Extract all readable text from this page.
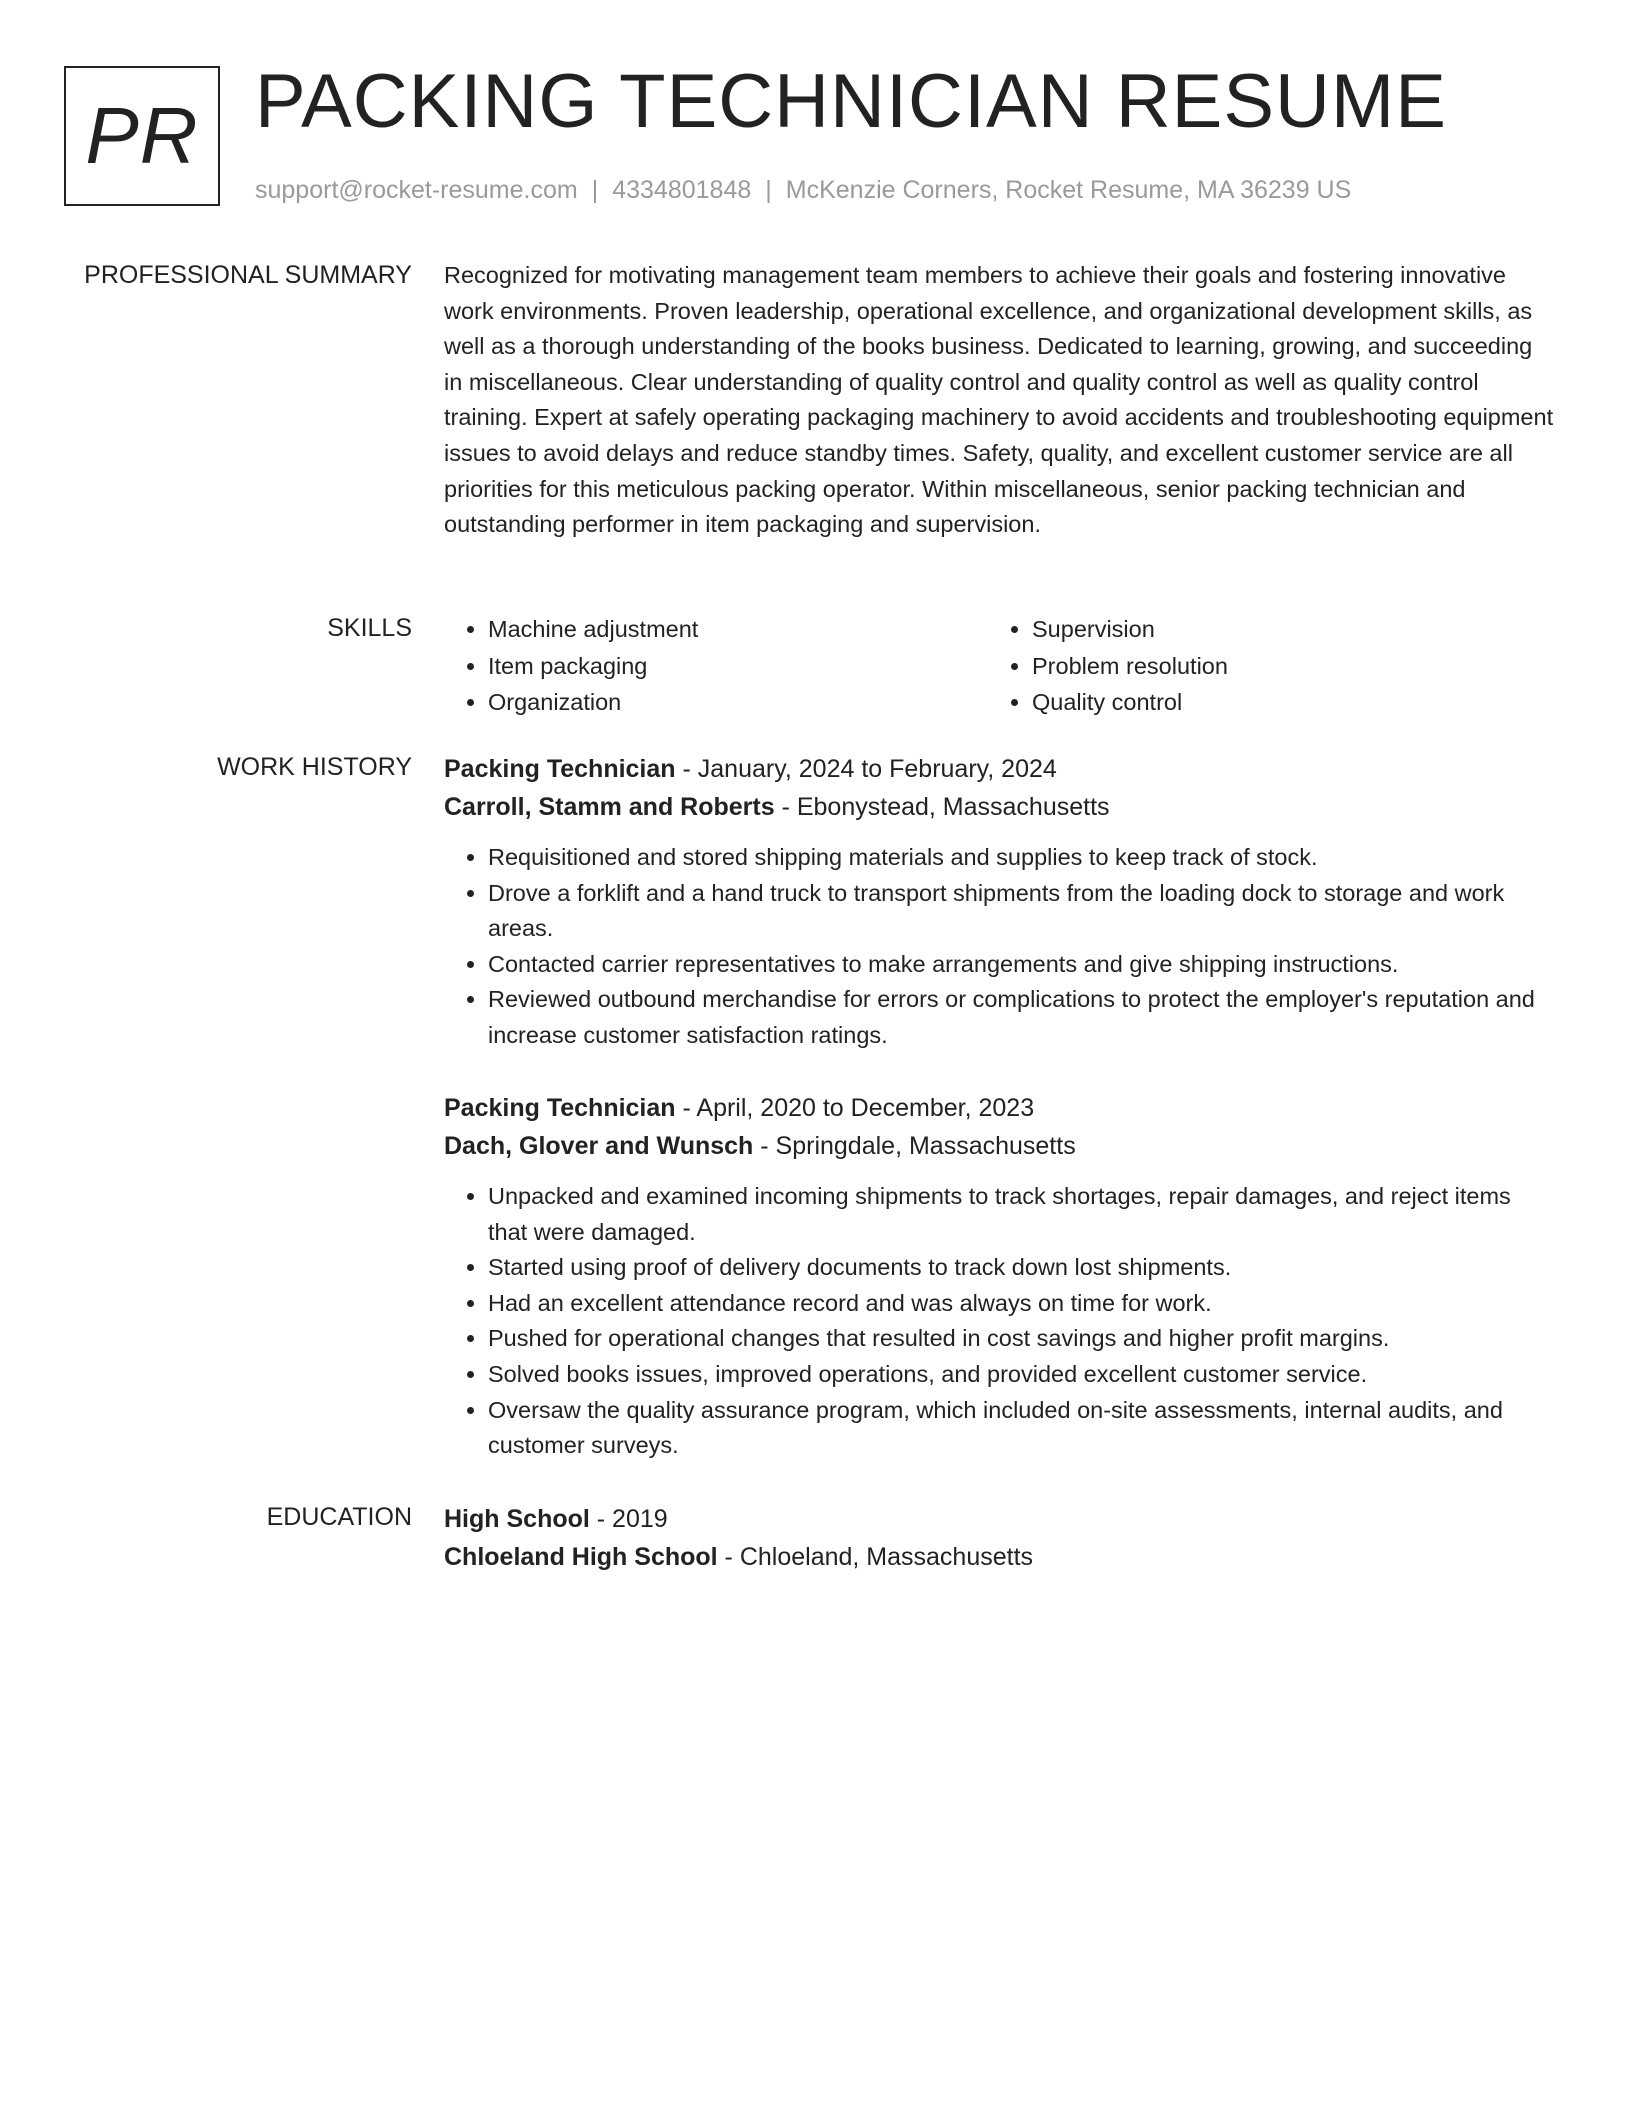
PR PACKING TECHNICIAN RESUME
support@rocket-resume.com | 4334801848 | McKenzie Corners, Rocket Resume, MA 36239 US
PROFESSIONAL SUMMARY Recognized for motivating management team members to achieve their goals and fostering innovative work environments. Proven leadership, operational excellence, and organizational development skills, as well as a thorough understanding of the books business. Dedicated to learning, growing, and succeeding in miscellaneous. Clear understanding of quality control and quality control as well as quality control training. Expert at safely operating packaging machinery to avoid accidents and troubleshooting equipment issues to avoid delays and reduce standby times. Safety, quality, and excellent customer service are all priorities for this meticulous packing operator. Within miscellaneous, senior packing technician and outstanding performer in item packaging and supervision.

SKILLS
•	Machine adjustment
• Item packaging
• Organization
• Supervision
• Problem resolution
• Quality control
WORK HISTORY Packing Technician - January, 2024 to February, 2024
Carroll, Stamm and Roberts - Ebonystead, Massachusetts
• Requisitioned and stored shipping materials and supplies to keep track of stock.
• Drove a forklift and a hand truck to transport shipments from the loading dock to storage and work areas.
• Contacted carrier representatives to make arrangements and give shipping instructions.
• Reviewed outbound merchandise for errors or complications to protect the employer's reputation and increase customer satisfaction ratings.
Packing Technician - April, 2020 to December, 2023
Dach, Glover and Wunsch - Springdale, Massachusetts
• Unpacked and examined incoming shipments to track shortages, repair damages, and reject items that were damaged.
• Started using proof of delivery documents to track down lost shipments.
• Had an excellent attendance record and was always on time for work.
• Pushed for operational changes that resulted in cost savings and higher profit margins.
• Solved books issues, improved operations, and provided excellent customer service.
• Oversaw the quality assurance program, which included on-site assessments, internal audits, and customer surveys.
EDUCATION High School - 2019
Chloeland High School - Chloeland, Massachusetts
